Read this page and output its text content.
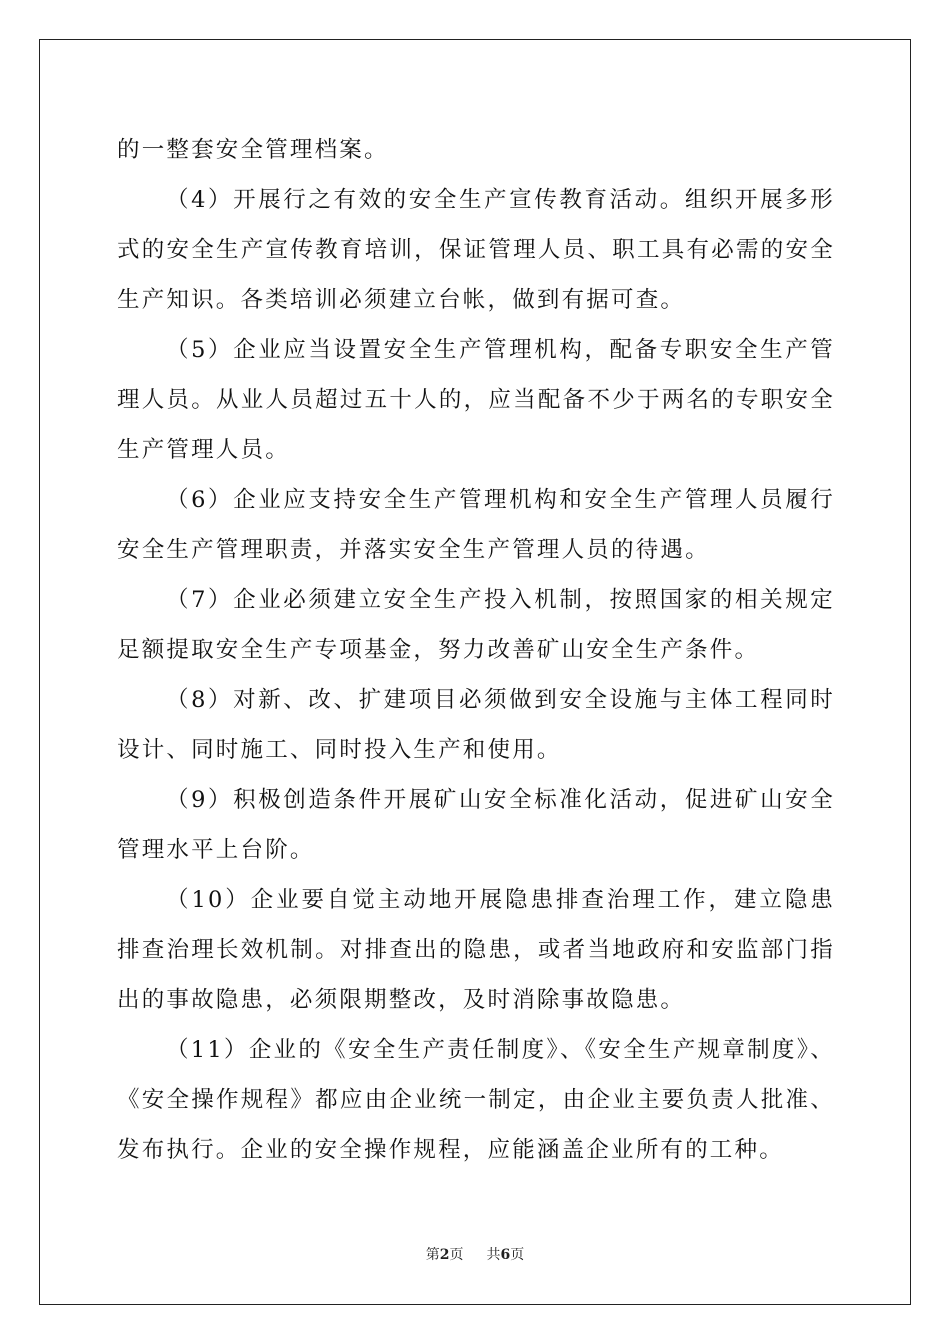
的一整套安全管理档案。

（4）开展行之有效的安全生产宣传教育活动。组织开展多形式的安全生产宣传教育培训，保证管理人员、职工具有必需的安全生产知识。各类培训必须建立台帐，做到有据可查。

（5）企业应当设置安全生产管理机构，配备专职安全生产管理人员。从业人员超过五十人的，应当配备不少于两名的专职安全生产管理人员。

（6）企业应支持安全生产管理机构和安全生产管理人员履行安全生产管理职责，并落实安全生产管理人员的待遇。

（7）企业必须建立安全生产投入机制，按照国家的相关规定足额提取安全生产专项基金，努力改善矿山安全生产条件。

（8）对新、改、扩建项目必须做到安全设施与主体工程同时设计、同时施工、同时投入生产和使用。

（9）积极创造条件开展矿山安全标准化活动，促进矿山安全管理水平上台阶。

（10）企业要自觉主动地开展隐患排查治理工作，建立隐患排查治理长效机制。对排查出的隐患，或者当地政府和安监部门指出的事故隐患，必须限期整改，及时消除事故隐患。

（11）企业的《安全生产责任制度》、《安全生产规章制度》、《安全操作规程》都应由企业统一制定，由企业主要负责人批准、发布执行。企业的安全操作规程，应能涵盖企业所有的工种。

第2页 共6页
